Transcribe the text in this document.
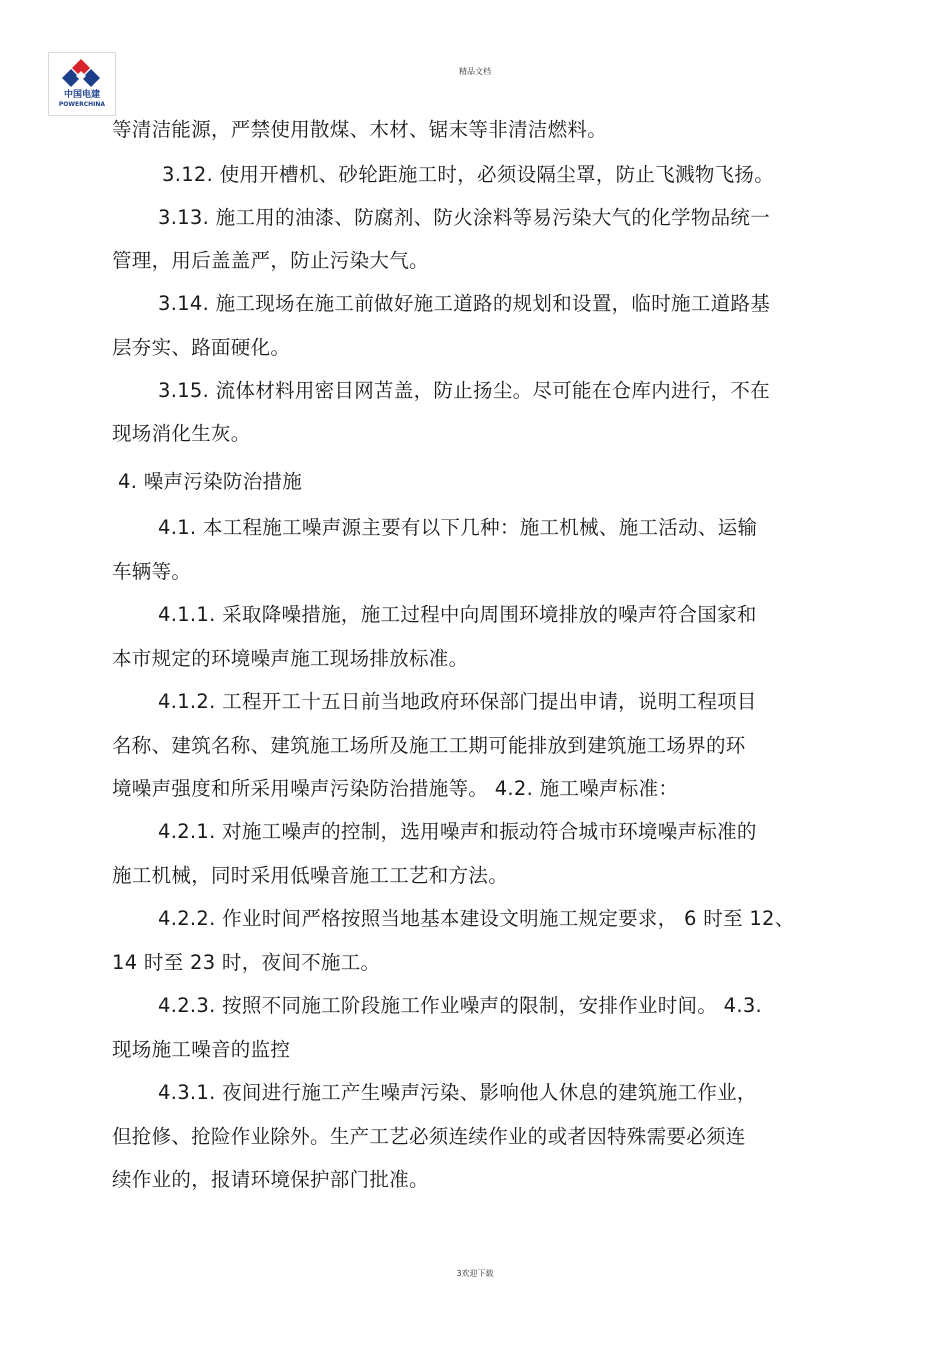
中国电建
POWERCHINA
精品文档
等清洁能源，严禁使用散煤、木材、锯末等非清洁燃料。
3.12. 使用开槽机、砂轮距施工时，必须设隔尘罩，防止飞溅物飞扬。
3.13. 施工用的油漆、防腐剂、防火涂料等易污染大气的化学物品统一
管理，用后盖盖严，防止污染大气。
3.14. 施工现场在施工前做好施工道路的规划和设置，临时施工道路基
层夯实、路面硬化。
3.15. 流体材料用密目网苫盖，防止扬尘。尽可能在仓库内进行，不在
现场消化生灰。
4. 噪声污染防治措施
4.1. 本工程施工噪声源主要有以下几种：施工机械、施工活动、运输
车辆等。
4.1.1. 采取降噪措施，施工过程中向周围环境排放的噪声符合国家和
本市规定的环境噪声施工现场排放标准。
4.1.2. 工程开工十五日前当地政府环保部门提出申请，说明工程项目
名称、建筑名称、建筑施工场所及施工工期可能排放到建筑施工场界的环
境噪声强度和所采用噪声污染防治措施等。 4.2. 施工噪声标准：
4.2.1. 对施工噪声的控制，选用噪声和振动符合城市环境噪声标准的
施工机械，同时采用低噪音施工工艺和方法。
4.2.2. 作业时间严格按照当地基本建设文明施工规定要求， 6 时至 12、
14 时至 23 时，夜间不施工。
4.2.3. 按照不同施工阶段施工作业噪声的限制，安排作业时间。 4.3.
现场施工噪音的监控
4.3.1. 夜间进行施工产生噪声污染、影响他人休息的建筑施工作业，
但抢修、抢险作业除外。生产工艺必须连续作业的或者因特殊需要必须连
续作业的，报请环境保护部门批准。
3欢迎下载
